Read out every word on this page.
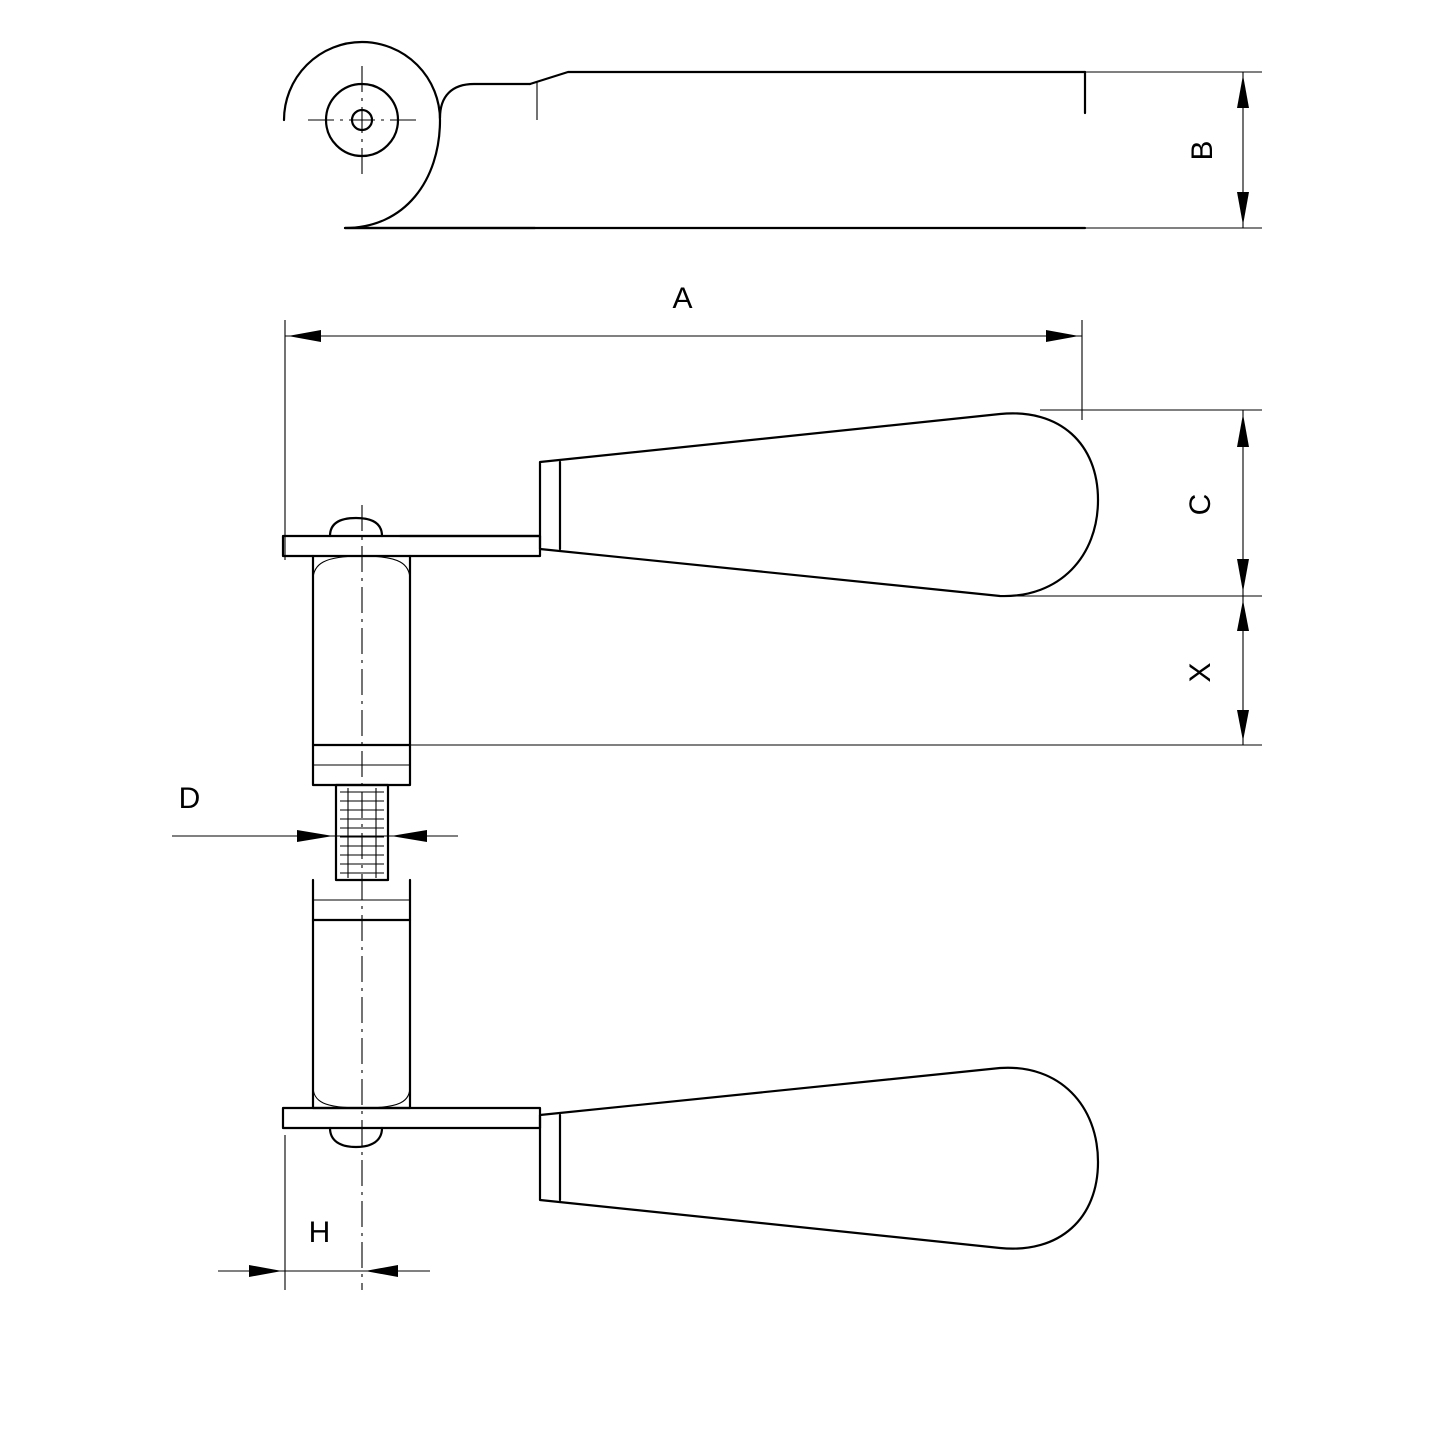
B
A
C
X
D
H
